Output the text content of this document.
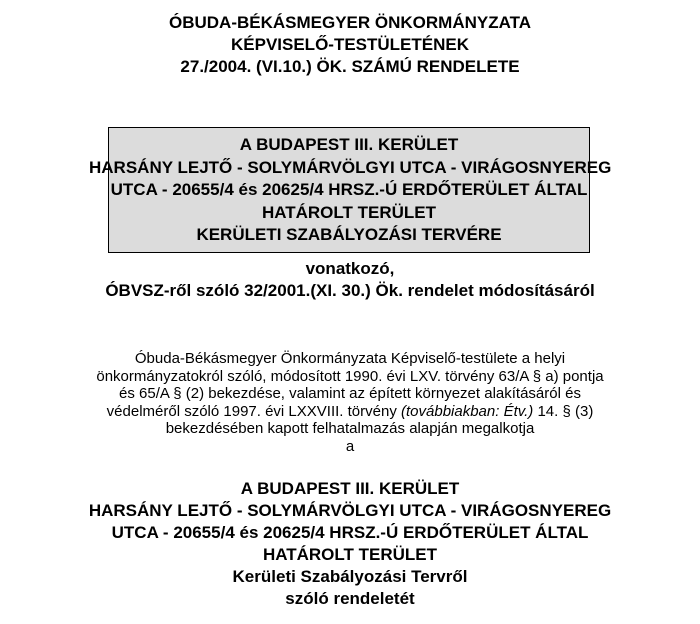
ÓBUDA-BÉKÁSMEGYER ÖNKORMÁNYZATA
KÉPVISELŐ-TESTÜLETÉNEK
27./2004. (VI.10.) ÖK. SZÁMÚ RENDELETE
A BUDAPEST III. KERÜLET
HARSÁNY LEJTŐ - SOLYMÁRVÖLGYI UTCA - VIRÁGOSNYEREG
UTCA - 20655/4 és 20625/4 HRSZ.-Ú ERDŐTERÜLET ÁLTAL
HATÁROLT TERÜLET
KERÜLETI SZABÁLYOZÁSI TERVÉRE
vonatkozó,
ÓBVSZ-ről szóló 32/2001.(XI. 30.) Ök. rendelet módosításáról
Óbuda-Békásmegyer Önkormányzata Képviselő-testülete a helyi
önkormányzatokról szóló, módosított 1990. évi LXV. törvény 63/A § a) pontja
és 65/A § (2) bekezdése, valamint az épített környezet alakításáról és
védelméről szóló 1997. évi LXXVIII. törvény (továbbiakban: Étv.) 14. § (3)
bekezdésében kapott felhatalmazás alapján megalkotja
a
A BUDAPEST III. KERÜLET
HARSÁNY LEJTŐ - SOLYMÁRVÖLGYI UTCA - VIRÁGOSNYEREG
UTCA - 20655/4 és 20625/4 HRSZ.-Ú ERDŐTERÜLET ÁLTAL
HATÁROLT TERÜLET
Kerületi Szabályozási Tervről
szóló rendeletét
